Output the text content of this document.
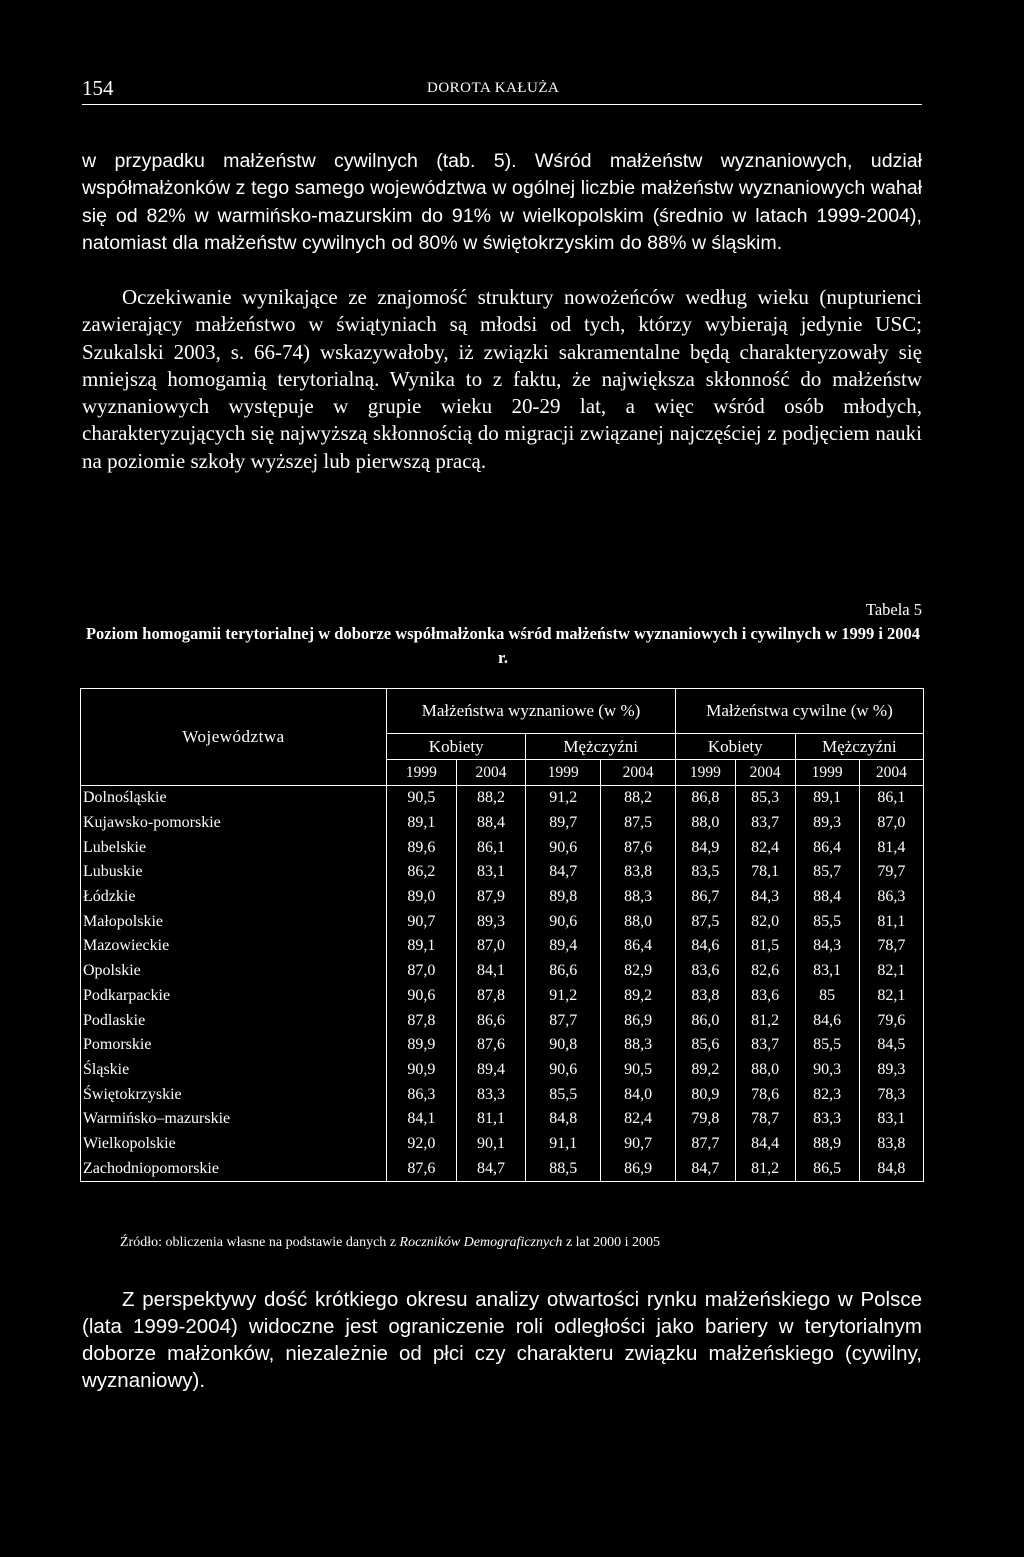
154	DOROTA KAŁUŻA

w przypadku małżeństw cywilnych (tab. 5). Wśród małżeństw wyznaniowych, udział współmałżonków z tego samego województwa w ogólnej liczbie małżeństw wyznaniowych wahał się od 82% w warmińsko-mazurskim do 91% w wielkopolskim (średnio w latach 1999-2004), natomiast dla małżeństw cywilnych od 80% w świętokrzyskim do 88% w śląskim.

Oczekiwanie wynikające ze znajomość struktury nowożeńców według wieku (nupturienci zawierający małżeństwo w świątyniach są młodsi od tych, którzy wybierają jedynie USC; Szukalski 2003, s. 66-74) wskazywałoby, iż związki sakramentalne będą charakteryzowały się mniejszą homogamią terytorialną. Wynika to z faktu, że największa skłonność do małżeństw wyznaniowych występuje w grupie wieku 20-29 lat, a więc wśród osób młodych, charakteryzujących się najwyższą skłonnością do migracji związanej najczęściej z podjęciem nauki na poziomie szkoły wyższej lub pierwszą pracą.

Tabela 5
Poziom homogamii terytorialnej w doborze współmałżonka wśród małżeństw wyznaniowych i cywilnych w 1999 i 2004 r.
Województwa	Małżeństwa wyznaniowe (w %)				Małżeństwa cywilne (w %)			
	Kobiety		Mężczyźni		Kobiety		Mężczyźni	
	1999	2004	1999	2004	1999	2004	1999	2004
Dolnośląskie	90,5	88,2	91,2	88,2	86,8	85,3	89,1	86,1
Kujawsko-pomorskie	89,1	88,4	89,7	87,5	88,0	83,7	89,3	87,0
Lubelskie	89,6	86,1	90,6	87,6	84,9	82,4	86,4	81,4
Lubuskie	86,2	83,1	84,7	83,8	83,5	78,1	85,7	79,7
Łódzkie	89,0	87,9	89,8	88,3	86,7	84,3	88,4	86,3
Małopolskie	90,7	89,3	90,6	88,0	87,5	82,0	85,5	81,1
Mazowieckie	89,1	87,0	89,4	86,4	84,6	81,5	84,3	78,7
Opolskie	87,0	84,1	86,6	82,9	83,6	82,6	83,1	82,1
Podkarpackie	90,6	87,8	91,2	89,2	83,8	83,6	85	82,1
Podlaskie	87,8	86,6	87,7	86,9	86,0	81,2	84,6	79,6
Pomorskie	89,9	87,6	90,8	88,3	85,6	83,7	85,5	84,5
Śląskie	90,9	89,4	90,6	90,5	89,2	88,0	90,3	89,3
Świętokrzyskie	86,3	83,3	85,5	84,0	80,9	78,6	82,3	78,3
Warmińsko–mazurskie	84,1	81,1	84,8	82,4	79,8	78,7	83,3	83,1
Wielkopolskie	92,0	90,1	91,1	90,7	87,7	84,4	88,9	83,8
Zachodniopomorskie	87,6	84,7	88,5	86,9	84,7	81,2	86,5	84,8
Źródło: obliczenia własne na podstawie danych z Roczników Demograficznych z lat 2000 i 2005

Z perspektywy dość krótkiego okresu analizy otwartości rynku małżeńskiego w Polsce (lata 1999-2004) widoczne jest ograniczenie roli odległości jako bariery w terytorialnym doborze małżonków, niezależnie od płci czy charakteru związku małżeńskiego (cywilny, wyznaniowy).
